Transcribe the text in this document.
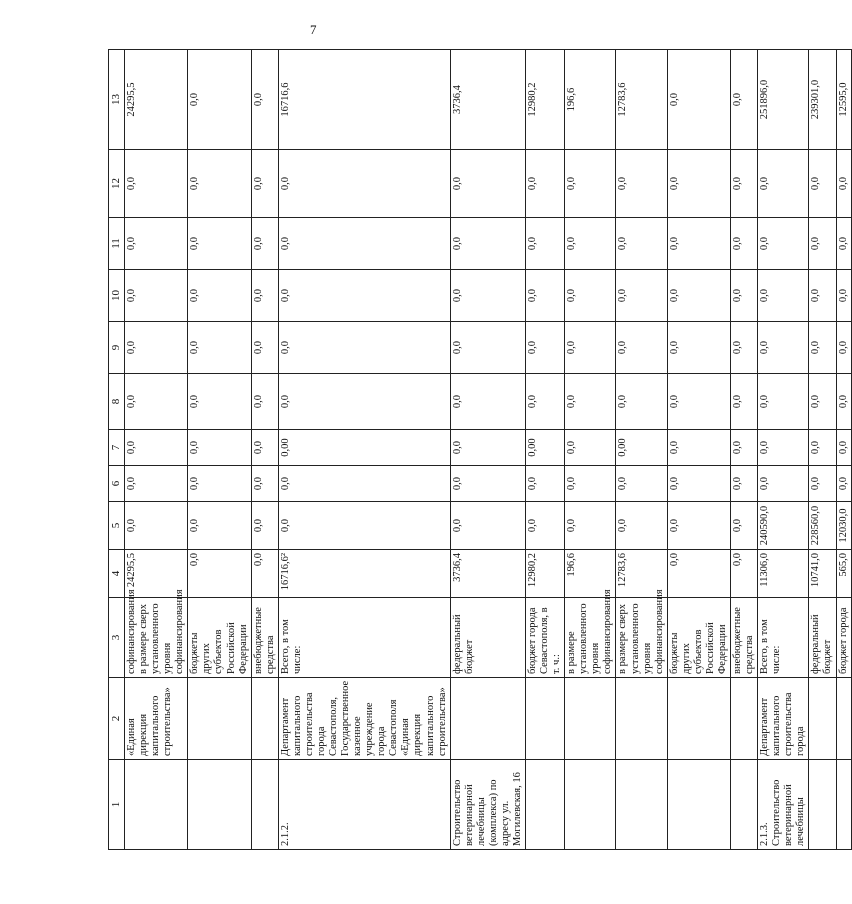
7
1	2	3	4	5	6	7	8	9	10	11	12	13
	«Единая дирекция капитального строительства»	софинансирования в размере сверх установленного уровня софинансирования	24295,5	0,0	0,0	0,0	0,0	0,0	0,0	0,0	0,0	24295,5
		бюджеты других субъектов Российской Федерации	0,0	0,0	0,0	0,0	0,0	0,0	0,0	0,0	0,0	0,0
		внебюджетные средства	0,0	0,0	0,0	0,0	0,0	0,0	0,0	0,0	0,0	0,0
2.1.2.	Департамент капитального строительства города Севастополя, Государственное казенное учреждение города Севастополя «Единая дирекция капитального строительства»	Всего, в том числе:	16716,6²	0,0	0,0	0,00	0,0	0,0	0,0	0,0	0,0	16716,6
Строительство ветеринарной лечебницы (комплекса) по адресу ул. Могилевская, 16		федеральный бюджет	3736,4	0,0	0,0	0,0	0,0	0,0	0,0	0,0	0,0	3736,4
		бюджет города Севастополя, в т. ч.:	12980,2	0,0	0,0	0,00	0,0	0,0	0,0	0,0	0,0	12980,2
		в размере установленного уровня софинансирования	196,6	0,0	0,0	0,0	0,0	0,0	0,0	0,0	0,0	196,6
		в размере сверх установленного уровня софинансирования	12783,6	0,0	0,0	0,00	0,0	0,0	0,0	0,0	0,0	12783,6
		бюджеты других субъектов Российской Федерации	0,0	0,0	0,0	0,0	0,0	0,0	0,0	0,0	0,0	0,0
		внебюджетные средства	0,0	0,0	0,0	0,0	0,0	0,0	0,0	0,0	0,0	0,0
2.1.3. Строительство ветеринарной лечебницы	Департамент капитального строительства города	Всего, в том числе:	11306,0	240590,0	0,0	0,0	0,0	0,0	0,0	0,0	0,0	251896,0
		федеральный бюджет	10741,0	228560,0	0,0	0,0	0,0	0,0	0,0	0,0	0,0	239301,0
		бюджет города	565,0	12030,0	0,0	0,0	0,0	0,0	0,0	0,0	0,0	12595,0
